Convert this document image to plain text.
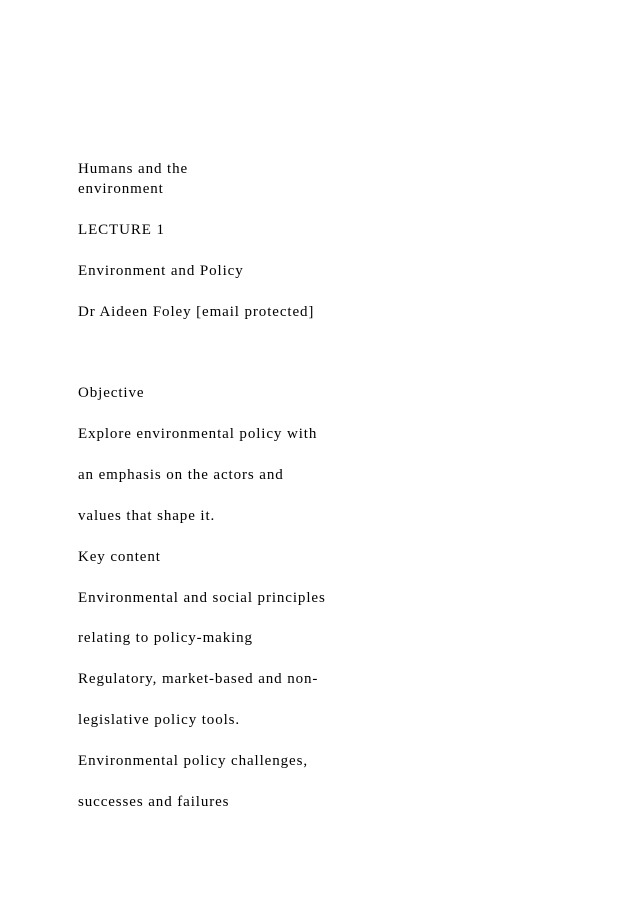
Humans and the
environment
LECTURE 1
Environment and Policy
Dr Aideen Foley [email protected]
Objective
Explore environmental policy with
an emphasis on the actors and
values that shape it.
Key content
Environmental and social principles
relating to policy-making
Regulatory, market-based and non-
legislative policy tools.
Environmental policy challenges,
successes and failures
